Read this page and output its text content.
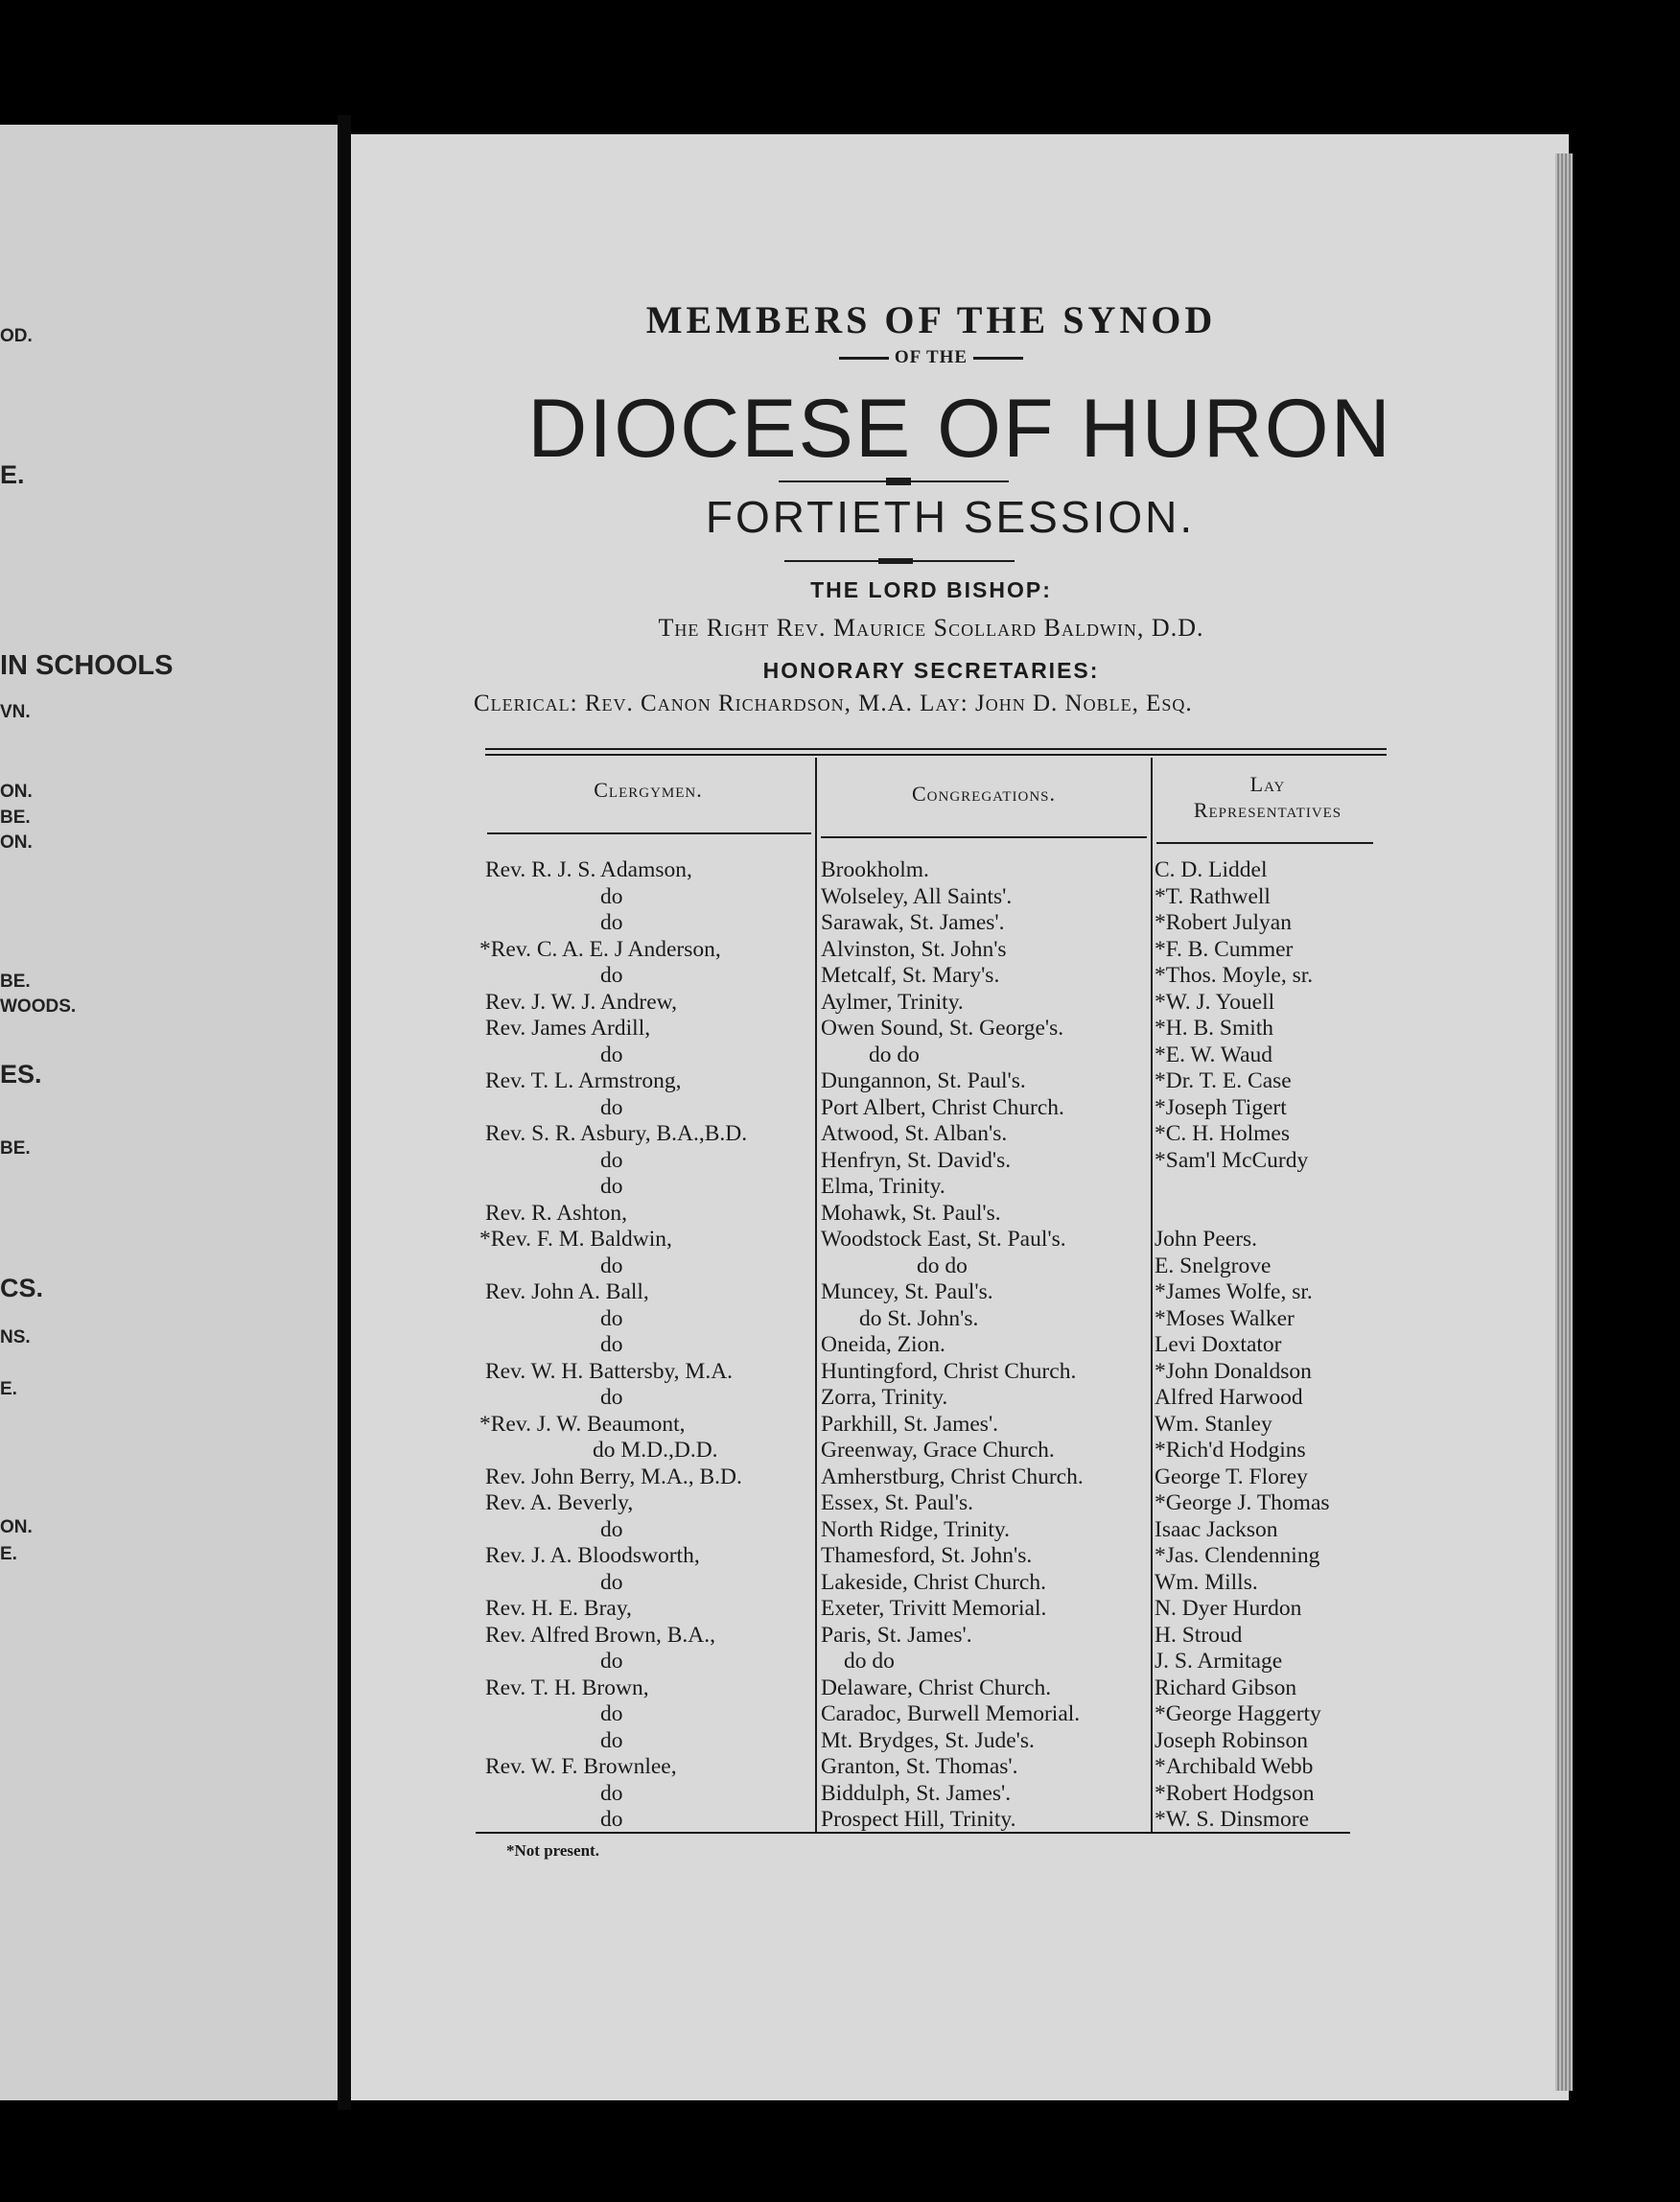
OD.
E.
IN SCHOOLS
VN.
ON.
BE.
ON.
BE.
WOODS.
ES.
BE.
CS.
NS.
E.
ON.
E.
MEMBERS OF THE SYNOD
OF THE
DIOCESE OF HURON
FORTIETH SESSION.
THE LORD BISHOP:
The Right Rev. Maurice Scollard Baldwin, D.D.
HONORARY SECRETARIES:
Clerical: Rev. Canon Richardson, M.A. Lay: John D. Noble, Esq.
Clergymen.	Congregations.	Lay
Representatives
Rev. R. J. S. Adamson,
do
do
*Rev. C. A. E. J Anderson,
do
Rev. J. W. J. Andrew,
Rev. James Ardill,
do
Rev. T. L. Armstrong,
do
Rev. S. R. Asbury, B.A.,B.D.
do
do
Rev. R. Ashton,
*Rev. F. M. Baldwin,
do
Rev. John A. Ball,
do
do
Rev. W. H. Battersby, M.A.
do
*Rev. J. W. Beaumont,
do M.D.,D.D.
Rev. John Berry, M.A., B.D.
Rev. A. Beverly,
do
Rev. J. A. Bloodsworth,
do
Rev. H. E. Bray,
Rev. Alfred Brown, B.A.,
do
Rev. T. H. Brown,
do
do
Rev. W. F. Brownlee,
do
do
Brookholm.
Wolseley, All Saints'.
Sarawak, St. James'.
Alvinston, St. John's
Metcalf, St. Mary's.
Aylmer, Trinity.
Owen Sound, St. George's.
do do
Dungannon, St. Paul's.
Port Albert, Christ Church.
Atwood, St. Alban's.
Henfryn, St. David's.
Elma, Trinity.
Mohawk, St. Paul's.
Woodstock East, St. Paul's.
do do
Muncey, St. Paul's.
do St. John's.
Oneida, Zion.
Huntingford, Christ Church.
Zorra, Trinity.
Parkhill, St. James'.
Greenway, Grace Church.
Amherstburg, Christ Church.
Essex, St. Paul's.
North Ridge, Trinity.
Thamesford, St. John's.
Lakeside, Christ Church.
Exeter, Trivitt Memorial.
Paris, St. James'.
do do
Delaware, Christ Church.
Caradoc, Burwell Memorial.
Mt. Brydges, St. Jude's.
Granton, St. Thomas'.
Biddulph, St. James'.
Prospect Hill, Trinity.
C. D. Liddel
*T. Rathwell
*Robert Julyan
*F. B. Cummer
*Thos. Moyle, sr.
*W. J. Youell
*H. B. Smith
*E. W. Waud
*Dr. T. E. Case
*Joseph Tigert
*C. H. Holmes
*Sam'l McCurdy
John Peers.
E. Snelgrove
*James Wolfe, sr.
*Moses Walker
Levi Doxtator
*John Donaldson
Alfred Harwood
Wm. Stanley
*Rich'd Hodgins
George T. Florey
*George J. Thomas
Isaac Jackson
*Jas. Clendenning
Wm. Mills.
N. Dyer Hurdon
H. Stroud
J. S. Armitage
Richard Gibson
*George Haggerty
Joseph Robinson
*Archibald Webb
*Robert Hodgson
*W. S. Dinsmore
*Not present.
